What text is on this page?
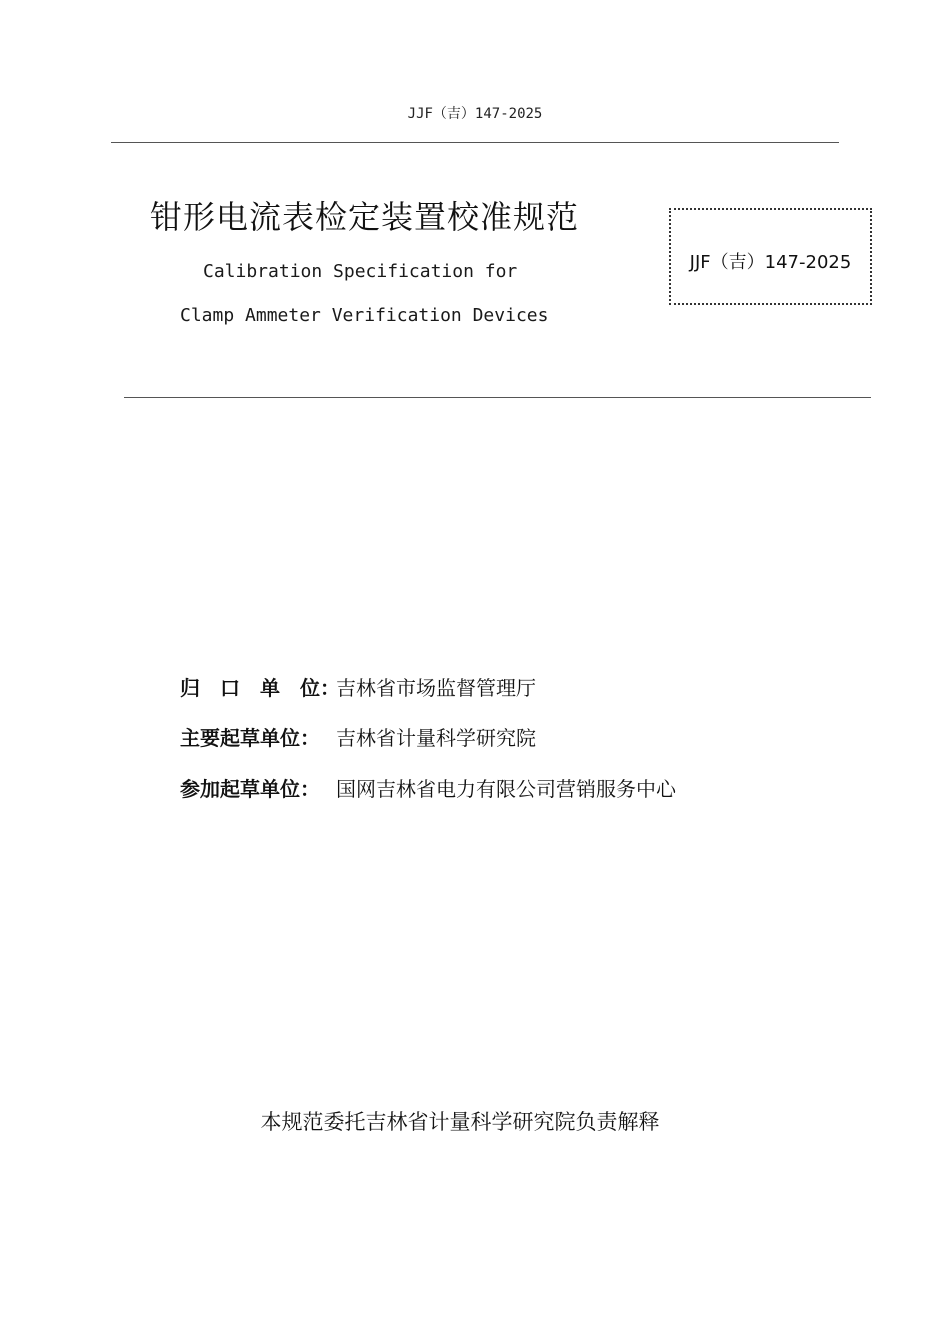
JJF（吉）147-2025
钳形电流表检定装置校准规范
Calibration Specification for
Clamp Ammeter Verification Devices
JJF（吉）147-2025
归　口　单　位：吉林省市场监督管理厅
主要起草单位： 吉林省计量科学研究院
参加起草单位： 国网吉林省电力有限公司营销服务中心
本规范委托吉林省计量科学研究院负责解释
